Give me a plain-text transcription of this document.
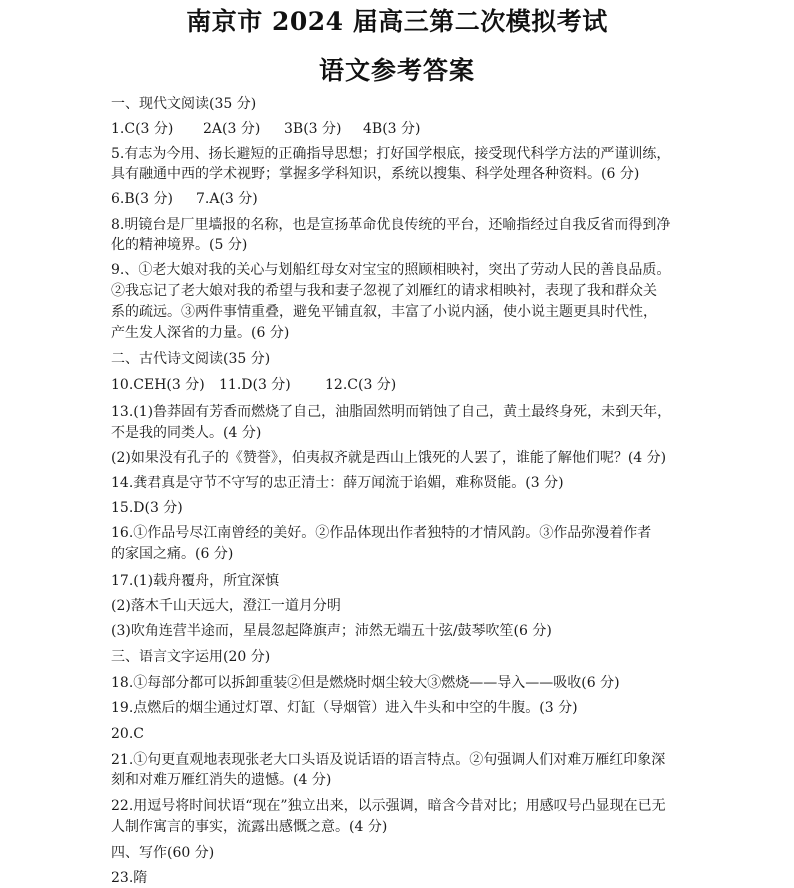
南京市 2024 届高三第二次模拟考试
语文参考答案
一、现代文阅读(35 分)
1.C(3 分) 2A(3 分) 3B(3 分) 4B(3 分)
5.有志为今用、扬长避短的正确指导思想；打好国学根底，接受现代科学方法的严谨训练，
具有融通中西的学术视野；掌握多学科知识，系统以搜集、科学处理各种资料。(6 分)
6.B(3 分) 7.A(3 分)
8.明镜台是厂里墙报的名称，也是宣扬革命优良传统的平台，还喻指经过自我反省而得到净
化的精神境界。(5 分)
9.、①老大娘对我的关心与划船红母女对宝宝的照顾相映衬，突出了劳动人民的善良品质。
②我忘记了老大娘对我的希望与我和妻子忽视了刘雁红的请求相映衬，表现了我和群众关
系的疏远。③两件事情重叠，避免平铺直叙，丰富了小说内涵，使小说主题更具时代性，
产生发人深省的力量。(6 分)
二、古代诗文阅读(35 分)
10.CEH(3 分) 11.D(3 分) 12.C(3 分)
13.(1)鲁莽固有芳香而燃烧了自己，油脂固然明而销蚀了自己，黄土最终身死，未到天年，
不是我的同类人。(4 分)
(2)如果没有孔子的《赞誉》，伯夷叔齐就是西山上饿死的人罢了，谁能了解他们呢？(4 分)
14.龚君真是守节不守写的忠正清士：薛万闻流于谄媚，难称贤能。(3 分)
15.D(3 分)
16.①作品号尽江南曾经的美好。②作品体现出作者独特的才情风韵。③作品弥漫着作者
的家国之痛。(6 分)
17.(1)载舟覆舟，所宜深慎
(2)落木千山天远大，澄江一道月分明
(3)吹角连营半途而，星晨忽起降旗声；沛然无端五十弦/鼓琴吹笙(6 分)
三、语言文字运用(20 分)
18.①每部分都可以拆卸重装②但是燃烧时烟尘较大③燃烧——导入——吸收(6 分)
19.点燃后的烟尘通过灯罩、灯缸（导烟管）进入牛头和中空的牛腹。(3 分)
20.C
21.①句更直观地表现张老大口头语及说话语的语言特点。②句强调人们对难万雁红印象深
刻和对难万雁红消失的遗憾。(4 分)
22.用逗号将时间状语“现在”独立出来，以示强调，暗含今昔对比；用感叹号凸显现在已无
人制作寓言的事实，流露出感慨之意。(4 分)
四、写作(60 分)
23.隋
